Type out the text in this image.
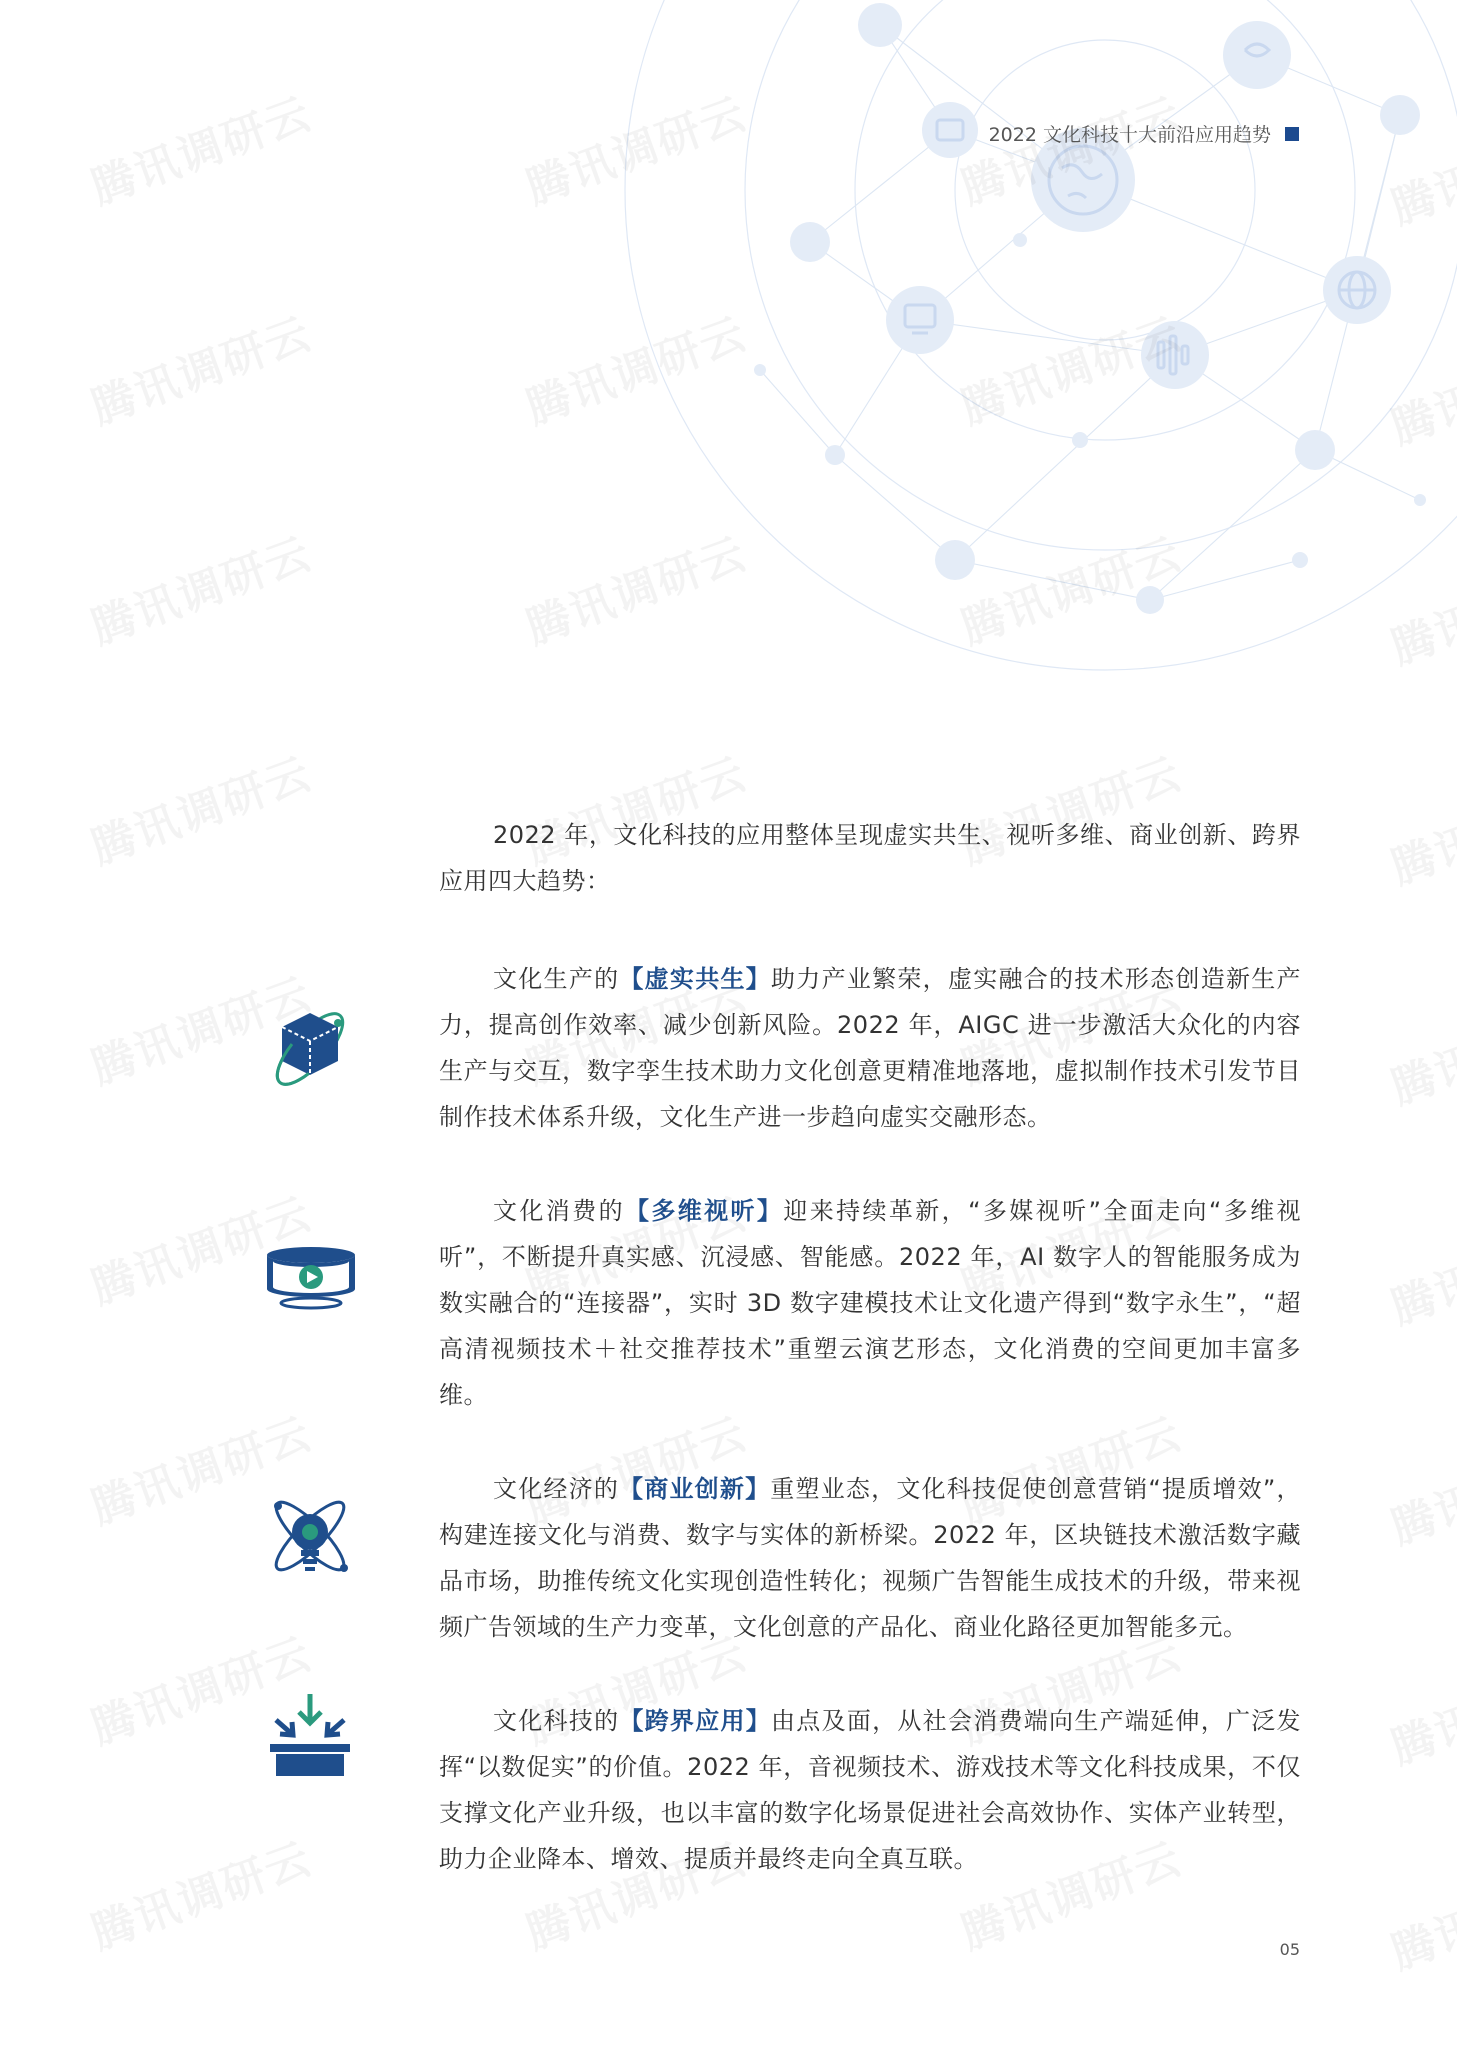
2022 文化科技十大前沿应用趋势

2022 年，文化科技的应用整体呈现虚实共生、视听多维、商业创新、跨界应用四大趋势：

文化生产的【虚实共生】助力产业繁荣，虚实融合的技术形态创造新生产力，提高创作效率、减少创新风险。2022 年，AIGC 进一步激活大众化的内容生产与交互，数字孪生技术助力文化创意更精准地落地，虚拟制作技术引发节目制作技术体系升级，文化生产进一步趋向虚实交融形态。

文化消费的【多维视听】迎来持续革新，“多媒视听”全面走向“多维视听”，不断提升真实感、沉浸感、智能感。2022 年，AI 数字人的智能服务成为数实融合的“连接器”，实时 3D 数字建模技术让文化遗产得到“数字永生”，“超高清视频技术＋社交推荐技术”重塑云演艺形态，文化消费的空间更加丰富多维。

文化经济的【商业创新】重塑业态，文化科技促使创意营销“提质增效”，构建连接文化与消费、数字与实体的新桥梁。2022 年，区块链技术激活数字藏品市场，助推传统文化实现创造性转化；视频广告智能生成技术的升级，带来视频广告领域的生产力变革，文化创意的产品化、商业化路径更加智能多元。

文化科技的【跨界应用】由点及面，从社会消费端向生产端延伸，广泛发挥“以数促实”的价值。2022 年，音视频技术、游戏技术等文化科技成果，不仅支撑文化产业升级，也以丰富的数字化场景促进社会高效协作、实体产业转型，助力企业降本、增效、提质并最终走向全真互联。

05
